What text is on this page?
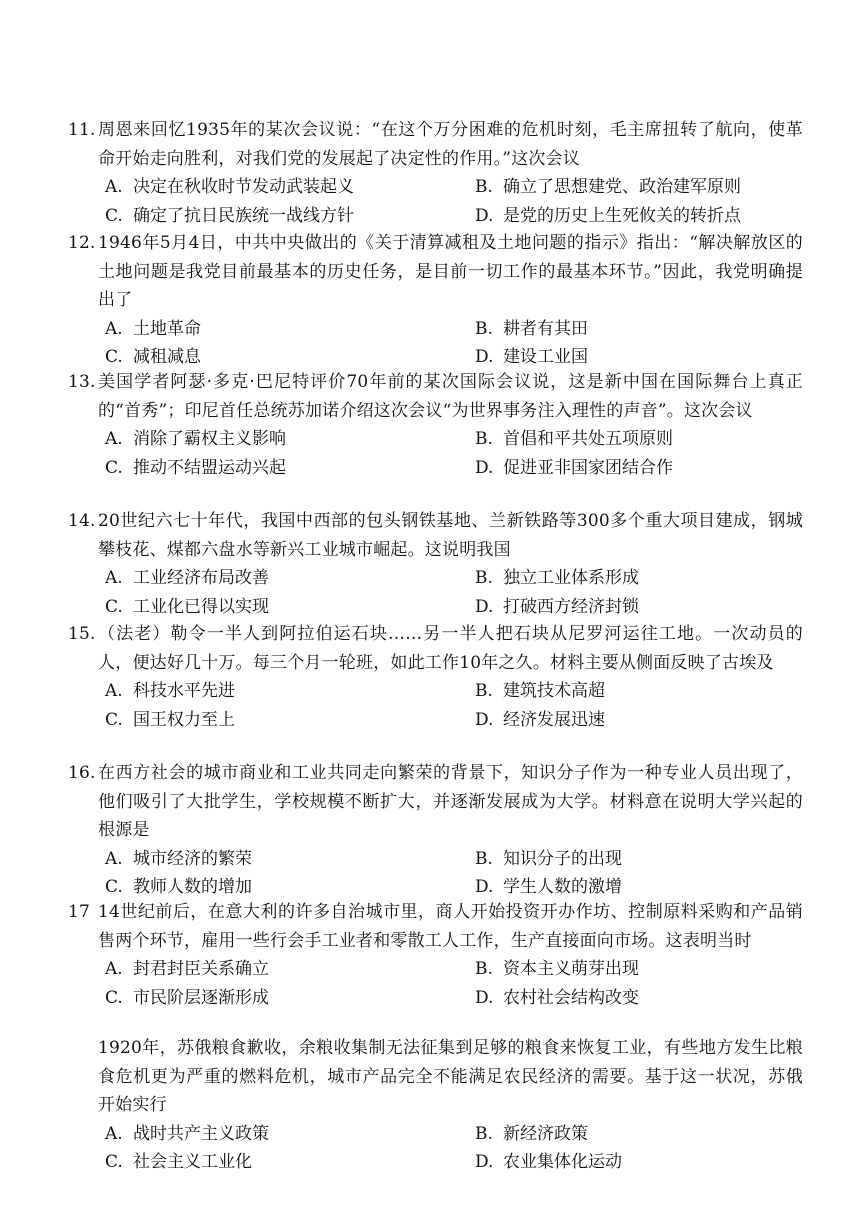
11. 周恩来回忆1935年的某次会议说：“在这个万分困难的危机时刻，毛主席扭转了航向，使革命开始走向胜利，对我们党的发展起了决定性的作用。”这次会议
A. 决定在秋收时节发动武装起义	B. 确立了思想建党、政治建军原则
C. 确定了抗日民族统一战线方针	D. 是党的历史上生死攸关的转折点
12. 1946年5月4日，中共中央做出的《关于清算减租及土地问题的指示》指出：“解决解放区的土地问题是我党目前最基本的历史任务，是目前一切工作的最基本环节。”因此，我党明确提出了
A. 土地革命	B. 耕者有其田
C. 减租减息	D. 建设工业国
13. 美国学者阿瑟·多克·巴尼特评价70年前的某次国际会议说，这是新中国在国际舞台上真正的“首秀”；印尼首任总统苏加诺介绍这次会议“为世界事务注入理性的声音”。这次会议
A. 消除了霸权主义影响	B. 首倡和平共处五项原则
C. 推动不结盟运动兴起	D. 促进亚非国家团结合作
14. 20世纪六七十年代，我国中西部的包头钢铁基地、兰新铁路等300多个重大项目建成，钢城攀枝花、煤都六盘水等新兴工业城市崛起。这说明我国
A. 工业经济布局改善	B. 独立工业体系形成
C. 工业化已得以实现	D. 打破西方经济封锁
15. （法老）勒令一半人到阿拉伯运石块……另一半人把石块从尼罗河运往工地。一次动员的人，便达好几十万。每三个月一轮班，如此工作10年之久。材料主要从侧面反映了古埃及
A. 科技水平先进	B. 建筑技术高超
C. 国王权力至上	D. 经济发展迅速
16. 在西方社会的城市商业和工业共同走向繁荣的背景下，知识分子作为一种专业人员出现了，他们吸引了大批学生，学校规模不断扩大，并逐渐发展成为大学。材料意在说明大学兴起的根源是
A. 城市经济的繁荣	B. 知识分子的出现
C. 教师人数的增加	D. 学生人数的激增
17 14世纪前后，在意大利的许多自治城市里，商人开始投资开办作坊、控制原料采购和产品销售两个环节，雇用一些行会手工业者和零散工人工作，生产直接面向市场。这表明当时
A. 封君封臣关系确立	B. 资本主义萌芽出现
C. 市民阶层逐渐形成	D. 农村社会结构改变
1920年，苏俄粮食歉收，余粮收集制无法征集到足够的粮食来恢复工业，有些地方发生比粮食危机更为严重的燃料危机，城市产品完全不能满足农民经济的需要。基于这一状况，苏俄开始实行
A. 战时共产主义政策	B. 新经济政策
C. 社会主义工业化	D. 农业集体化运动
